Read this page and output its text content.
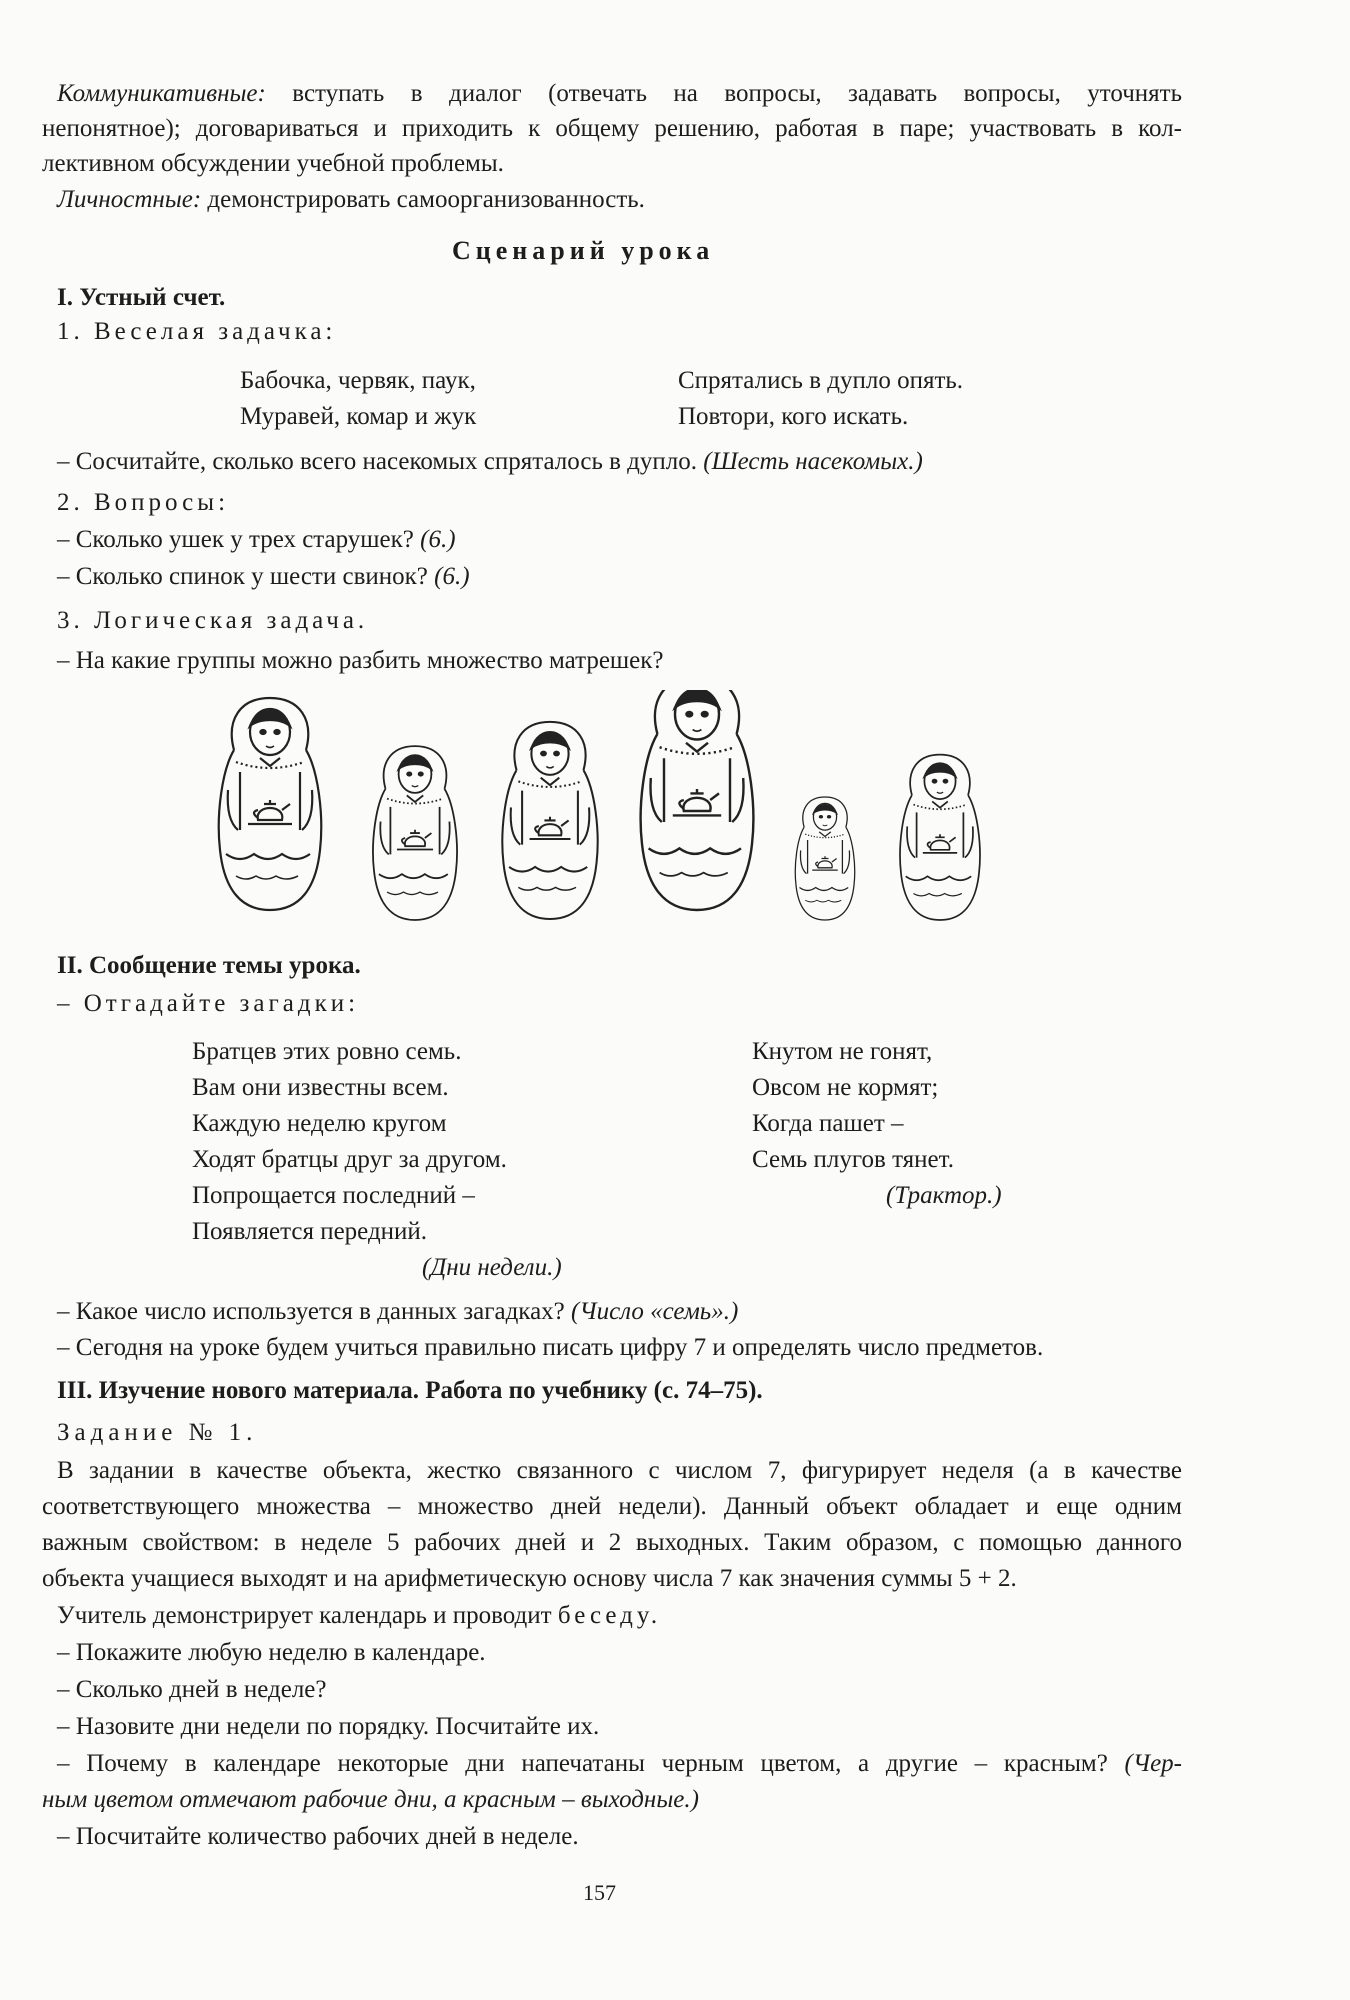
Коммуникативные: вступать в диалог (отвечать на вопросы, задавать вопросы, уточнять
непонятное); договариваться и приходить к общему решению, работая в паре; участвовать в кол-
лективном обсуждении учебной проблемы.
Личностные: демонстрировать самоорганизованность.
Сценарий урока
I. Устный счет.
1. Веселая задачка:
Бабочка, червяк, паук,
Муравей, комар и жук
Спрятались в дупло опять.
Повтори, кого искать.
– Сосчитайте, сколько всего насекомых спряталось в дупло. (Шесть насекомых.)
2. Вопросы:
– Сколько ушек у трех старушек? (6.)
– Сколько спинок у шести свинок? (6.)
3. Логическая задача.
– На какие группы можно разбить множество матрешек?
II. Сообщение темы урока.
– Отгадайте загадки:
Братцев этих ровно семь.
Вам они известны всем.
Каждую неделю кругом
Ходят братцы друг за другом.
Попрощается последний –
Появляется передний.
(Дни недели.)
Кнутом не гонят,
Овсом не кормят;
Когда пашет –
Семь плугов тянет.
(Трактор.)
– Какое число используется в данных загадках? (Число «семь».)
– Сегодня на уроке будем учиться правильно писать цифру 7 и определять число предметов.
III. Изучение нового материала. Работа по учебнику (с. 74–75).
Задание № 1.
В задании в качестве объекта, жестко связанного с числом 7, фигурирует неделя (а в качестве
соответствующего множества – множество дней недели). Данный объект обладает и еще одним
важным свойством: в неделе 5 рабочих дней и 2 выходных. Таким образом, с помощью данного
объекта учащиеся выходят и на арифметическую основу числа 7 как значения суммы 5 + 2.
Учитель демонстрирует календарь и проводит беседу.
– Покажите любую неделю в календаре.
– Сколько дней в неделе?
– Назовите дни недели по порядку. Посчитайте их.
– Почему в календаре некоторые дни напечатаны черным цветом, а другие – красным? (Чер-
ным цветом отмечают рабочие дни, а красным – выходные.)
– Посчитайте количество рабочих дней в неделе.
157
